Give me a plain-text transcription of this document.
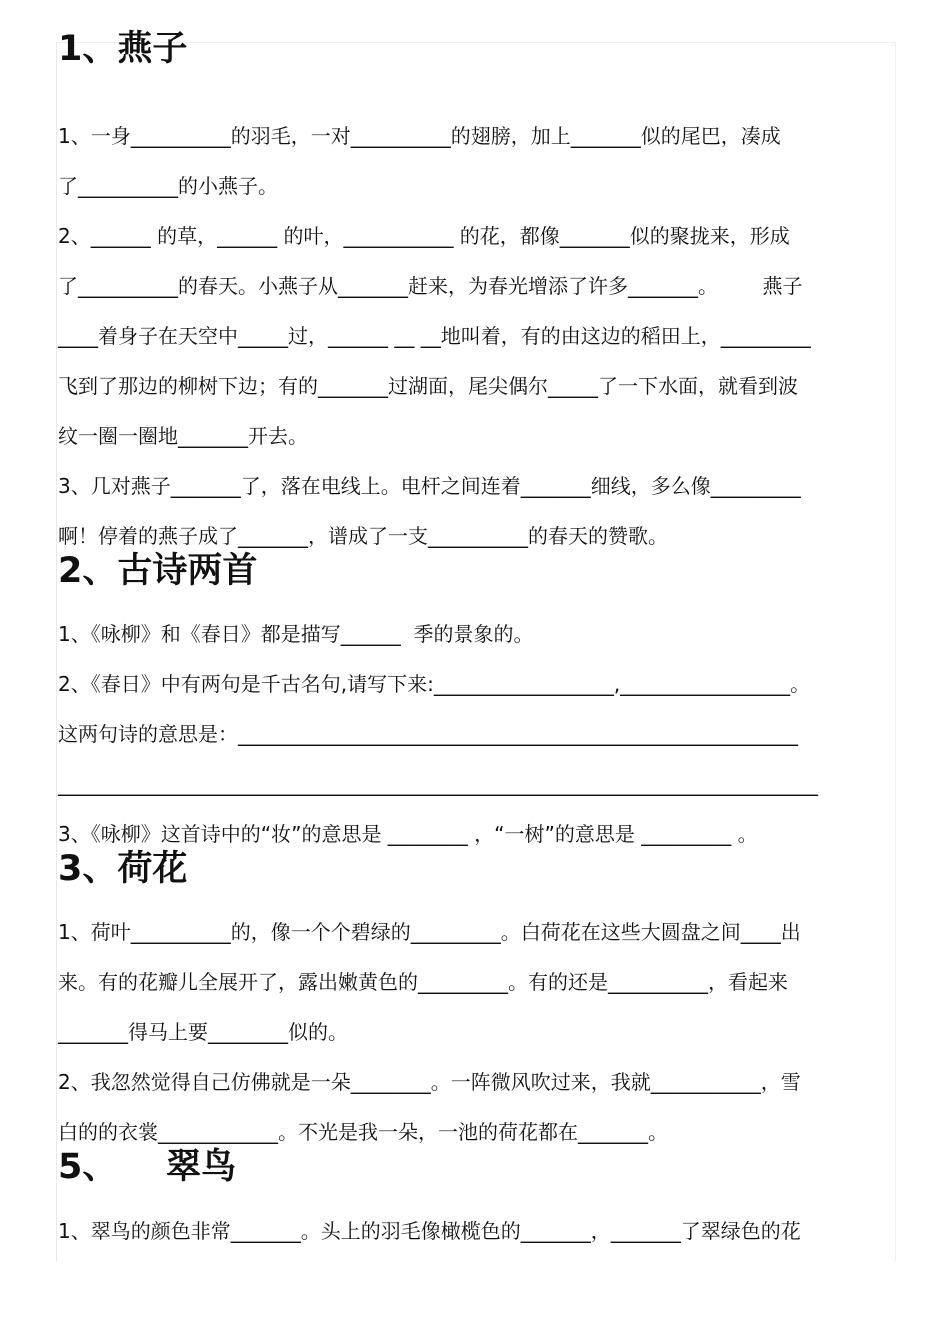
1、燕子
1、一身__________的羽毛，一对__________的翅膀，加上_______似的尾巴，凑成
了__________的小燕子。
2、______ 的草，______ 的叶，___________ 的花，都像_______似的聚拢来，形成
了__________的春天。小燕子从_______赶来，为春光增添了许多_______。       燕子
____着身子在天空中_____过，______ __ __地叫着，有的由这边的稻田上，_________
飞到了那边的柳树下边；有的_______过湖面，尾尖偶尔_____了一下水面，就看到波
纹一圈一圈地_______开去。
3、几对燕子_______了，落在电线上。电杆之间连着_______细线，多么像_________
啊！停着的燕子成了_______，谱成了一支__________的春天的赞歌。
2、古诗两首
1、《咏柳》和《春日》都是描写______  季的景象的。
2、《春日》中有两句是千古名句,请写下来:__________________,_________________。
这两句诗的意思是：________________________________________________________
____________________________________________________________________________
3、《咏柳》这首诗中的“妆”的意思是 ________ ，“一树”的意思是 _________ 。
3、荷花
1、荷叶__________的，像一个个碧绿的_________。白荷花在这些大圆盘之间____出
来。有的花瓣儿全展开了，露出嫩黄色的_________。有的还是__________，看起来
_______得马上要________似的。
2、我忽然觉得自己仿佛就是一朵________。一阵微风吹过来，我就___________，雪
白的的衣裳____________。不光是我一朵，一池的荷花都在_______。
5、    翠鸟
1、翠鸟的颜色非常_______。头上的羽毛像橄榄色的_______，_______了翠绿色的花
